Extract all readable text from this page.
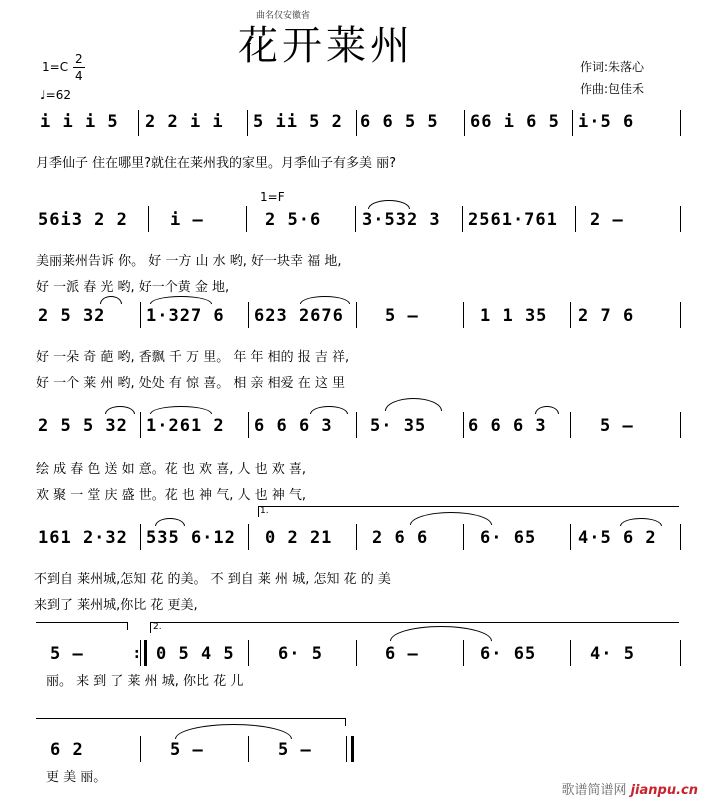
曲名仅安徽省
花开莱州
1=C
2
4
♩=62
作词:朱落心
作曲:包佳禾
i i i 5 2 2 i i 5 ii 5 2 6 6 5 5 66 i 6 5 i·5 6
月季仙子 住在哪里?就住在莱州我的家里。月季仙子有多美 丽?
1=F
56i3 2 2 i –	2 5·6 3·532 3 2561·761 2 –
美丽莱州告诉 你。 好 一方 山 水 哟, 好一块幸 福 地,
好 一派 春 光 哟, 好一个黄 金 地,
2 5 32 1·327 6 623 2676 5 –	1 1 35 2 7 6
好 一朵 奇 葩 哟, 香飘 千 万 里。 年 年 相的 报 吉 祥,
好 一个 莱 州 哟, 处处 有 惊 喜。 相 亲 相爱 在 这 里
2 5 5 32 1·261 2 6 6 6 3 5· 35 6 6 6 3	5 –
绘 成 春 色 送 如 意。花 也 欢 喜, 人 也 欢 喜,
欢 聚 一 堂 庆 盛 世。花 也 神 气, 人 也 神 气,
1.
161 2·32 535 6·12 0 2 21 2 6 6	6· 65 4·5 6 2
不到自 莱州城,怎知 花 的美。 不 到自 莱 州 城, 怎知 花 的 美
来到了 莱州城,你比 花 更美,
2.
5 –	: 0 5 4 5	6· 5	6 –	6· 65	4· 5
丽。 来 到 了 莱 州 城, 你比 花 儿
6 2	5 –	5 –
更 美 丽。
歌谱简谱网 jianpu.cn
